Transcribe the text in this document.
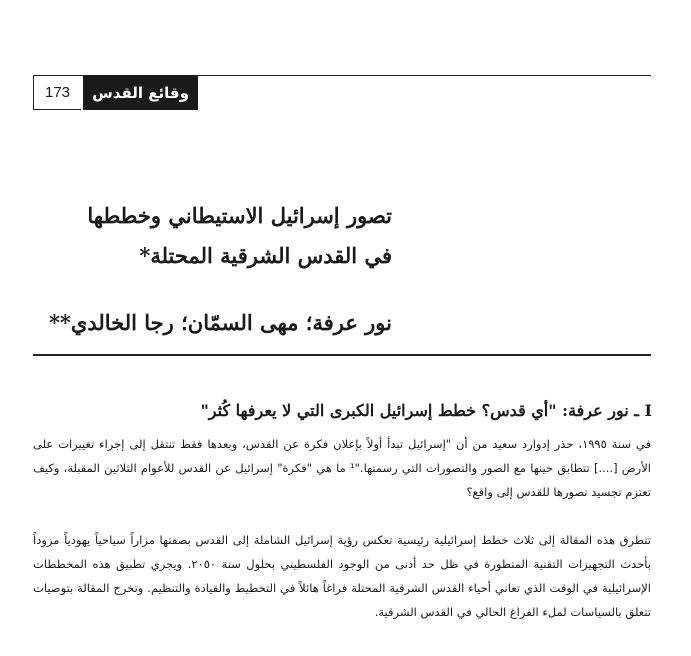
173	وقائع القدس
تصور إسرائيل الاستيطاني وخططها
في القدس الشرقية المحتلة*
نور عرفة؛ مهى السمّان؛ رجا الخالدي**
I ـ نور عرفة: "أي قدس؟ خطط إسرائيل الكبرى التي لا يعرفها كُثر"
في سنة ١٩٩٥، حذر إدوارد سعيد من أن "إسرائيل تبدأ أولاً بإعلان فكرة عن القدس، وبعدها فقط تنتقل إلى إجراء تغييرات على الأرض [....] تتطابق حينها مع الصور والتصورات التي رسمتها."¹ ما هي "فكرة" إسرائيل عن القدس للأعوام الثلاثين المقبلة، وكيف تعتزم تجسيد تصورها للقدس إلى واقع؟
تتطرق هذه المقالة إلى ثلاث خطط إسرائيلية رئيسية تعكس رؤية إسرائيل الشاملة إلى القدس بصفتها مزاراً سياحياً يهودياً مزوداً بأحدث التجهيزات التقنية المتطورة في ظل حد أدنى من الوجود الفلسطيني بحلول سنة ٢٠٥٠. ويجري تطبيق هذه المخططات الإسرائيلية في الوقت الذي تعاني أحياء القدس الشرقية المحتلة فراغاً هائلاً في التخطيط والقيادة والتنظيم. وتخرج المقالة بتوصيات تتعلق بالسياسات لملء الفراغ الحالي في القدس الشرقية.
